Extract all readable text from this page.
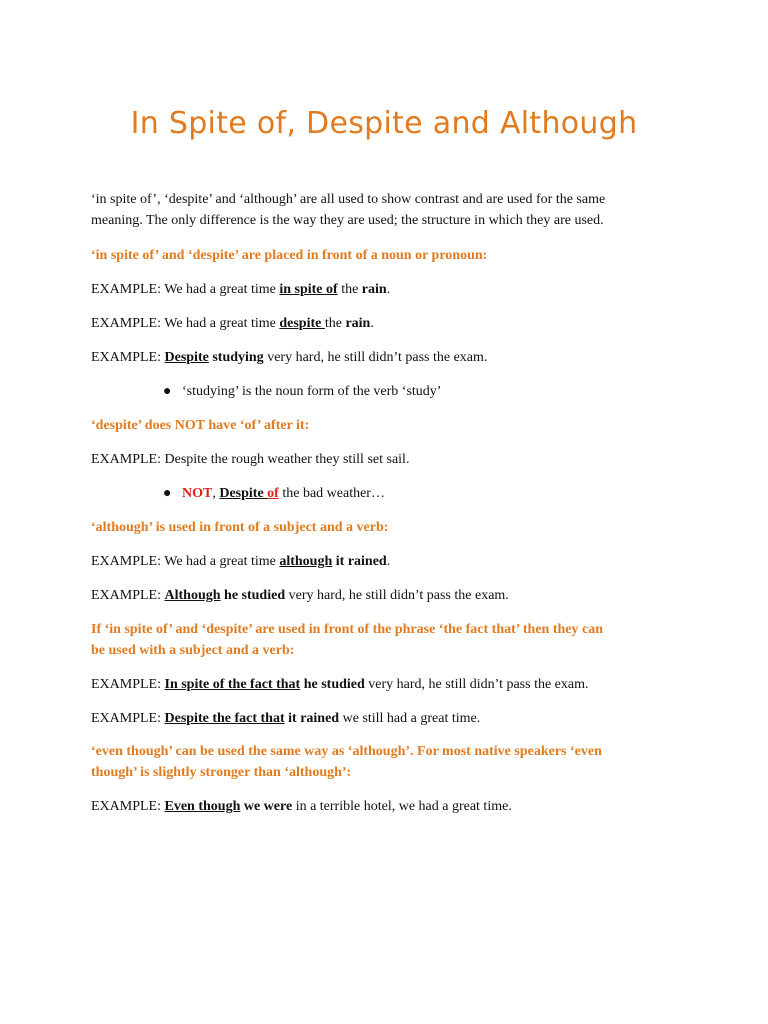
In Spite of, Despite and Although
‘in spite of’, ‘despite’ and ‘although’ are all used to show contrast and are used for the same
meaning. The only difference is the way they are used; the structure in which they are used.
‘in spite of’ and ‘despite’ are placed in front of a noun or pronoun:
EXAMPLE: We had a great time in spite of the rain.
EXAMPLE: We had a great time despite the rain.
EXAMPLE: Despite studying very hard, he still didn’t pass the exam.
● ‘studying’ is the noun form of the verb ‘study’
‘despite’ does NOT have ‘of’ after it:
EXAMPLE: Despite the rough weather they still set sail.
● NOT, Despite of the bad weather…
‘although’ is used in front of a subject and a verb:
EXAMPLE: We had a great time although it rained.
EXAMPLE: Although he studied very hard, he still didn’t pass the exam.
If ‘in spite of’ and ‘despite’ are used in front of the phrase ‘the fact that’ then they can
be used with a subject and a verb:
EXAMPLE: In spite of the fact that he studied very hard, he still didn’t pass the exam.
EXAMPLE: Despite the fact that it rained we still had a great time.
‘even though’ can be used the same way as ‘although’. For most native speakers ‘even
though’ is slightly stronger than ‘although’:
EXAMPLE: Even though we were in a terrible hotel, we had a great time.
